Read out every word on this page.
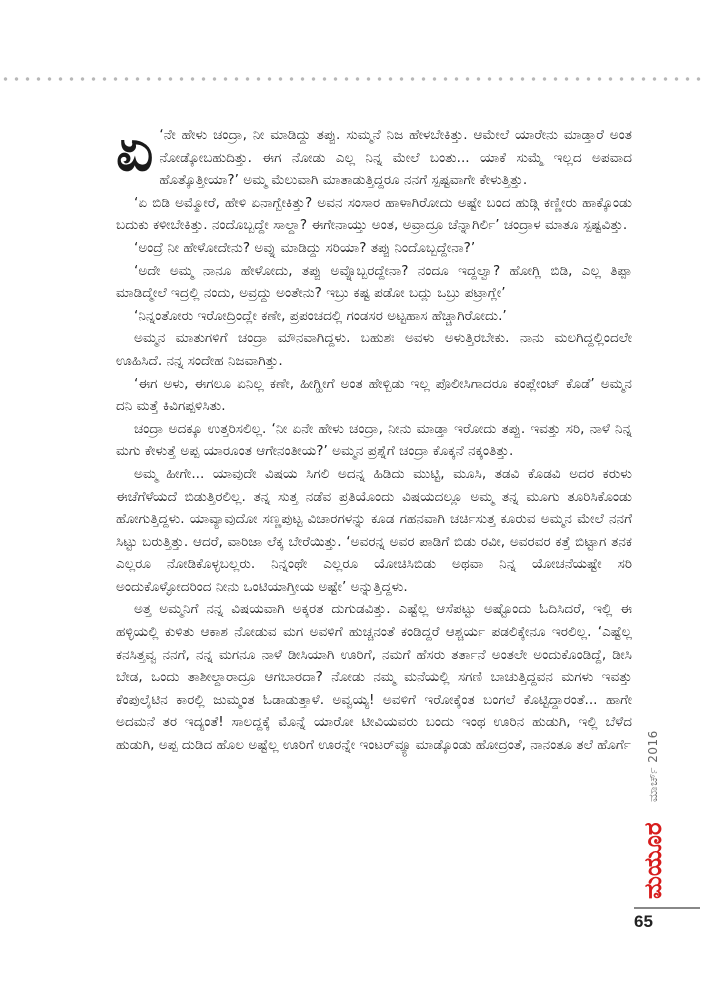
ಏ ‘ನೇ ಹೇಳು ಚಂದ್ರಾ, ನೀ ಮಾಡಿದ್ದು ತಪ್ಪು. ಸುಮ್ಮನೆ ನಿಜ ಹೇಳಬೇಕಿತ್ತು. ಆಮೇಲೆ ಯಾರೇನು ಮಾಡ್ತಾರೆ ಅಂತ ನೋಡ್ಕೋಬಹುದಿತ್ತು. ಈಗ ನೋಡು ಎಲ್ಲ ನಿನ್ನ ಮೇಲೆ ಬಂತು... ಯಾಕೆ ಸುಮ್ಮೆ ಇಲ್ಲದ ಅಪವಾದ ಹೊತ್ಕೊತ್ತೀಯಾ?’ ಅಮ್ಮ ಮೆಲುವಾಗಿ ಮಾತಾಡುತ್ತಿದ್ದರೂ ನನಗೆ ಸ್ಪಷ್ಟವಾಗೇ ಕೇಳುತ್ತಿತ್ತು.

‘ಏ ಬಿಡಿ ಅಮ್ಮೋರೆ, ಹೇಳಿ ಏನಾಗ್ಬೇಕಿತ್ತು? ಅವನ ಸಂಸಾರ ಹಾಳಾಗಿರೋದು ಅಷ್ಟೇ ಬಂದ ಹುಡ್ಗಿ ಕಣ್ಣೀರು ಹಾಕ್ಕೊಂಡು ಬದುಕು ಕಳೀಬೇಕಿತ್ತು. ನಂದೊಬ್ಬದ್ದೇ ಸಾಲ್ದಾ? ಈಗೇನಾಯ್ತು ಅಂತ, ಅವ್ರಾದ್ರೂ ಚೆನ್ನಾಗಿರ್ಲಿ’ ಚಂದ್ರಾಳ ಮಾತೂ ಸ್ಪಷ್ಟವಿತ್ತು.

‘ಅಂದ್ರೆ ನೀ ಹೇಳೋದೇನು? ಅವ್ನು ಮಾಡಿದ್ದು ಸರಿಯಾ? ತಪ್ಪು ನಿಂದೊಬ್ಬದ್ದೇನಾ?’

‘ಅದೇ ಅಮ್ಮ ನಾನೂ ಹೇಳೋದು, ತಪ್ಪು ಅವ್ನೊಬ್ಬರದ್ದೇನಾ? ನಂದೂ ಇದ್ದಲ್ವಾ? ಹೋಗ್ಲಿ ಬಿಡಿ, ಎಲ್ಲ ತಿಪ್ಪಾ ಮಾಡಿದ್ಮೇಲೆ ಇದ್ರಲ್ಲಿ ನಂದು, ಅವ್ರದ್ದು ಅಂತೇನು? ಇಬ್ರು ಕಷ್ಟ ಪಡೋ ಬದ್ಲು ಒಬ್ರು ಪಟ್ರಾಗ್ಲೇ’

‘ನಿನ್ನಂತೋರು ಇರೋದ್ರಿಂದ್ಲೇ ಕಣೇ, ಪ್ರಪಂಚದಲ್ಲಿ ಗಂಡಸರ ಅಟ್ಟಹಾಸ ಹೆಚ್ಚಾಗಿರೋದು.’

ಅಮ್ಮನ ಮಾತುಗಳಿಗೆ ಚಂದ್ರಾ ಮೌನವಾಗಿದ್ದಳು. ಬಹುಶಃ ಅವಳು ಅಳುತ್ತಿರಬೇಕು. ನಾನು ಮಲಗಿದ್ದಲ್ಲಿಂದಲೇ ಊಹಿಸಿದೆ. ನನ್ನ ಸಂದೇಹ ನಿಜವಾಗಿತ್ತು.

‘ಈಗ ಅಳು, ಈಗಲೂ ಏನಿಲ್ಲ ಕಣೇ, ಹೀಗ್ಹೀಗೆ ಅಂತ ಹೇಳ್ಬಿಡು ಇಲ್ಲ ಪೊಲೀಸಿಗಾದರೂ ಕಂಪ್ಲೇಂಟ್ ಕೊಡೆ’ ಅಮ್ಮನ ದನಿ ಮತ್ತೆ ಕಿವಿಗಪ್ಪಳಿಸಿತು.

ಚಂದ್ರಾ ಅದಕ್ಕೂ ಉತ್ತರಿಸಲಿಲ್ಲ. ‘ನೀ ಏನೇ ಹೇಳು ಚಂದ್ರಾ, ನೀನು ಮಾಡ್ತಾ ಇರೋದು ತಪ್ಪು. ಇವತ್ತು ಸರಿ, ನಾಳೆ ನಿನ್ನ ಮಗು ಕೇಳುತ್ತೆ ಅಪ್ಪ ಯಾರೂಂತ ಆಗೇನಂತೀಯ?’ ಅಮ್ಮನ ಪ್ರಶ್ನೆಗೆ ಚಂದ್ರಾ ಕೊಕ್ಕನೆ ನಕ್ಕಂತಿತ್ತು.

ಅಮ್ಮ ಹೀಗೇ... ಯಾವುದೇ ವಿಷಯ ಸಿಗಲಿ ಅದನ್ನ ಹಿಡಿದು ಮುಟ್ಟಿ, ಮೂಸಿ, ತಡವಿ ಕೊಡವಿ ಅದರ ಕರುಳು ಈಚೆಗೆಳೆಯದೆ ಬಿಡುತ್ತಿರಲಿಲ್ಲ. ತನ್ನ ಸುತ್ತ ನಡೆವ ಪ್ರತಿಯೊಂದು ವಿಷಯದಲ್ಲೂ ಅಮ್ಮ ತನ್ನ ಮೂಗು ತೂರಿಸಿಕೊಂಡು ಹೋಗುತ್ತಿದ್ದಳು. ಯಾವ್ಯಾವುದೋ ಸಣ್ಣಪುಟ್ಟ ವಿಚಾರಗಳನ್ನು ಕೂಡ ಗಹನವಾಗಿ ಚರ್ಚಿಸುತ್ತ ಕೂರುವ ಅಮ್ಮನ ಮೇಲೆ ನನಗೆ ಸಿಟ್ಟು ಬರುತ್ತಿತ್ತು. ಆದರೆ, ವಾರಿಜಾ ಲೆಕ್ಕ ಬೇರೆಯಿತ್ತು. ‘ಅವರನ್ನ ಅವರ ಪಾಡಿಗೆ ಬಿಡು ರವೀ, ಅವರವರ ಕತ್ತೆ ಬಿಟ್ಟಾಗ ತನಕ ಎಲ್ಲರೂ ನೋಡಿಕೊಳ್ಳಬಲ್ಲರು. ನಿನ್ನಂಥೇ ಎಲ್ಲರೂ ಯೋಚಿಸಿಬಿಡು ಅಥವಾ ನಿನ್ನ ಯೋಚನೆಯಷ್ಟೇ ಸರಿ ಅಂದುಕೊಳ್ಳೋದರಿಂದ ನೀನು ಒಂಟಿಯಾಗ್ತೀಯ ಅಷ್ಟೇ’ ಅನ್ನುತ್ತಿದ್ದಳು.

ಅತ್ತ ಅಮ್ಮನಿಗೆ ನನ್ನ ವಿಷಯವಾಗಿ ಅಕ್ಕರತ ದುಗುಡವಿತ್ತು. ಎಷ್ಟೆಲ್ಲ ಆಸೆಪಟ್ಟು ಅಷ್ಟೊಂದು ಓದಿಸಿದರೆ, ಇಲ್ಲಿ ಈ ಹಳ್ಳಿಯಲ್ಲಿ ಕುಳಿತು ಆಕಾಶ ನೋಡುವ ಮಗ ಅವಳಿಗೆ ಹುಚ್ಚನಂತೆ ಕಂಡಿದ್ದರೆ ಆಶ್ಚರ್ಯ ಪಡಲಿಕ್ಕೇನೂ ಇರಲಿಲ್ಲ. ‘ಎಷ್ಟೆಲ್ಲ ಕನಸಿತ್ತವ್ವ ನನಗೆ, ನನ್ನ ಮಗನೂ ನಾಳೆ ಡೀಸಿಯಾಗಿ ಊರಿಗೆ, ನಮಗೆ ಹೆಸರು ತರ್ತಾನೆ ಅಂತಲೇ ಅಂದುಕೊಂಡಿದ್ದೆ, ಡೀಸಿ ಬೇಡ, ಒಂದು ತಾಶೀಲ್ದಾರಾದ್ರೂ ಆಗಬಾರದಾ? ನೋಡು ನಮ್ಮ ಮನೆಯಲ್ಲಿ ಸಗಣಿ ಬಾಚುತ್ತಿದ್ದವನ ಮಗಳು ಇವತ್ತು ಕೆಂಪುಲೈಟಿನ ಕಾರಲ್ಲಿ ಜುಮ್ಮಂತ ಓಡಾಡುತ್ತಾಳೆ. ಅವ್ವಯ್ಯ! ಅವಳಿಗೆ ಇರೋಕ್ಕೆಂತ ಬಂಗಲೆ ಕೊಟ್ಟಿದ್ದಾರಂತೆ... ಹಾಗೇ ಅದಮನೆ ತರ ಇದ್ಯಂತೆ! ಸಾಲದ್ದಕ್ಕೆ ಮೊನ್ನೆ ಯಾರೋ ಟೀವಿಯವರು ಬಂದು ಇಂಥ ಊರಿನ ಹುಡುಗಿ, ಇಲ್ಲಿ ಬೆಳೆದ ಹುಡುಗಿ, ಅಪ್ಪ ದುಡಿದ ಹೊಲ ಅಷ್ಟೆಲ್ಲ ಊರಿಗೆ ಊರನ್ನೇ ಇಂಟರ್‌ವ್ಯೂ ಮಾಡ್ಕೊಂಡು ಹೋದ್ರಂತೆ, ನಾನಂತೂ ತಲೆ ಹೊರ್ಗೆ	ಮಾರ್ಚ್ 2016
ಮಯೂರ
65
